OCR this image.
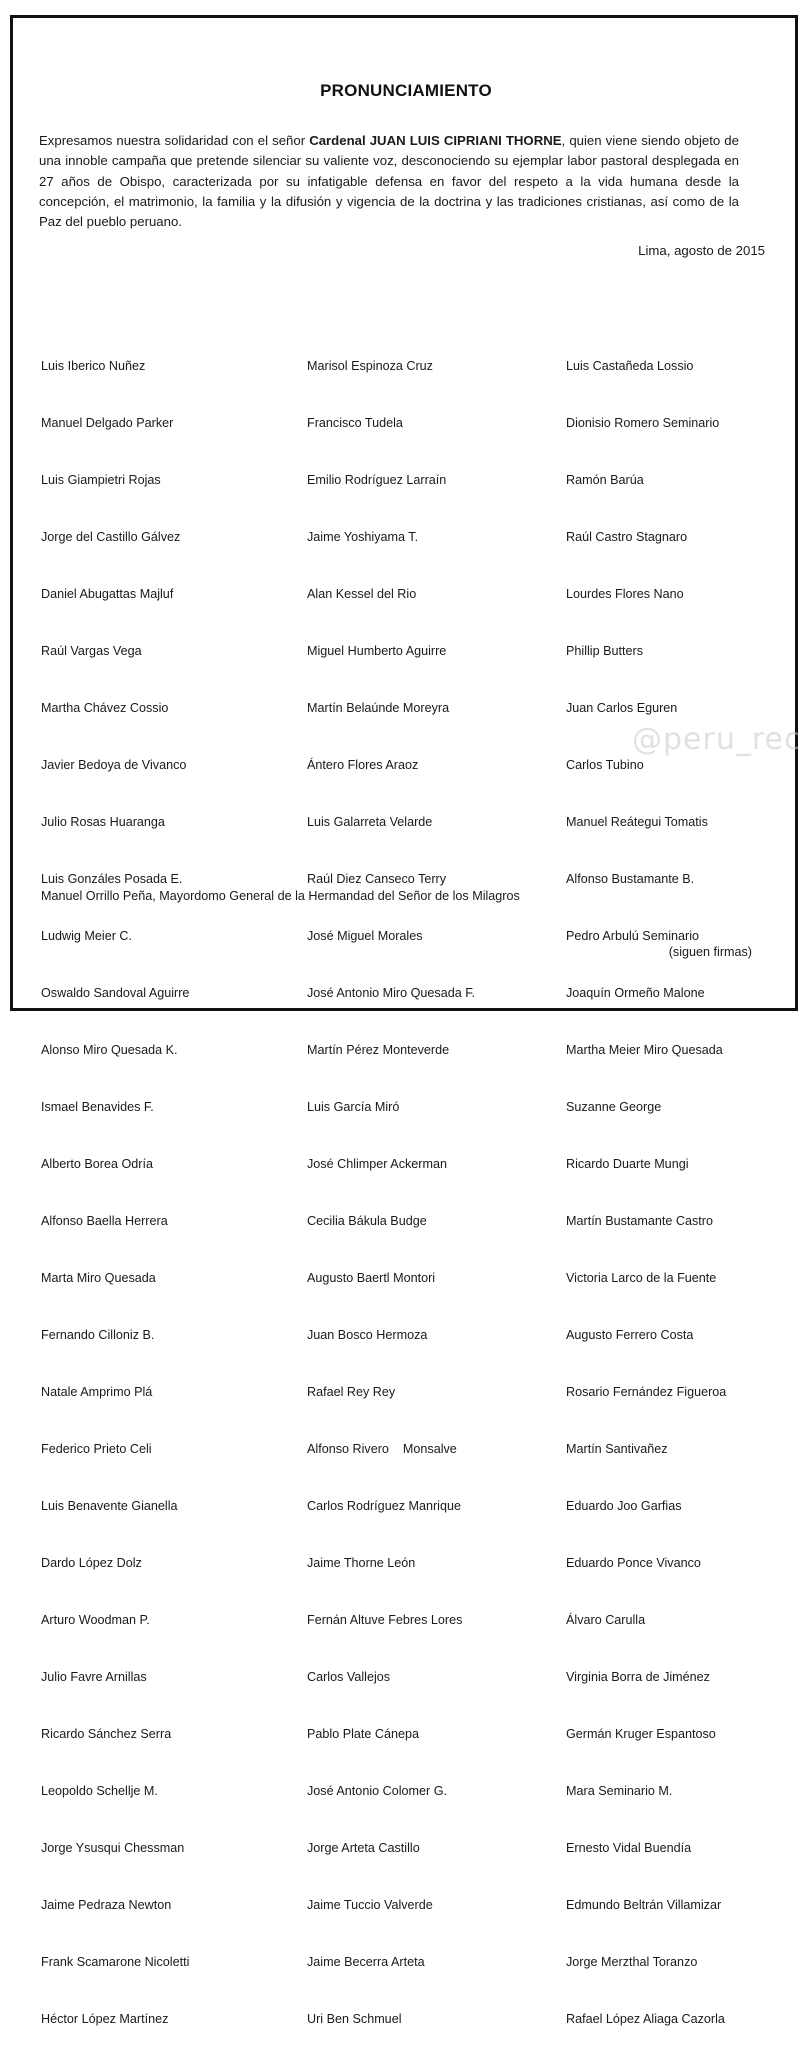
PRONUNCIAMIENTO

Expresamos nuestra solidaridad con el señor Cardenal JUAN LUIS CIPRIANI THORNE, quien viene siendo objeto de una innoble campaña que pretende silenciar su valiente voz, desconociendo su ejemplar labor pastoral desplegada en 27 años de Obispo, caracterizada por su infatigable defensa en favor del respeto a la vida humana desde la concepción, el matrimonio, la familia y la difusión y vigencia de la doctrina y las tradiciones cristianas, así como de la Paz del pueblo peruano.

Lima, agosto de 2015

Luis Iberico Nuñez

Manuel Delgado Parker

Luis Giampietri Rojas

Jorge del Castillo Gálvez

Daniel Abugattas Majluf

Raúl Vargas Vega

Martha Chávez Cossio

Javier Bedoya de Vivanco

Julio Rosas Huaranga

Luis Gonzáles Posada E.

Ludwig Meier C.

Oswaldo Sandoval Aguirre

Alonso Miro Quesada K.

Ismael Benavides F.

Alberto Borea Odría

Alfonso Baella Herrera

Marta Miro Quesada

Fernando Cilloniz B.

Natale Amprimo Plá

Federico Prieto Celi

Luis Benavente Gianella

Dardo López Dolz

Arturo Woodman P.

Julio Favre Arnillas

Ricardo Sánchez Serra

Leopoldo Schellje M.

Jorge Ysusqui Chessman

Jaime Pedraza Newton

Frank Scamarone Nicoletti

Héctor López Martínez

Marisol Espinoza Cruz

Francisco Tudela

Emilio Rodríguez Larraín

Jaime Yoshiyama T.

Alan Kessel del Rio

Miguel Humberto Aguirre

Martín Belaúnde Moreyra

Ántero Flores Araoz

Luis Galarreta Velarde

Raúl Diez Canseco Terry

José Miguel Morales

José Antonio Miro Quesada F.

Martín Pérez Monteverde

Luis García Miró

José Chlimper Ackerman

Cecilia Bákula Budge

Augusto Baertl Montori

Juan Bosco Hermoza

Rafael Rey Rey

Alfonso Rivero    Monsalve

Carlos Rodríguez Manrique

Jaime Thorne León

Fernán Altuve Febres Lores

Carlos Vallejos

Pablo Plate Cánepa

José Antonio Colomer G.

Jorge Arteta Castillo

Jaime Tuccio Valverde

Jaime Becerra Arteta

Uri Ben Schmuel

Luis Castañeda Lossio

Dionisio Romero Seminario

Ramón Barúa

Raúl Castro Stagnaro

Lourdes Flores Nano

Phillip Butters

Juan Carlos Eguren

Carlos Tubino

Manuel Reátegui Tomatis

Alfonso Bustamante B.

Pedro Arbulú Seminario

Joaquín Ormeño Malone

Martha Meier Miro Quesada

Suzanne George

Ricardo Duarte Mungi

Martín Bustamante Castro

Victoria Larco de la Fuente

Augusto Ferrero Costa

Rosario Fernández Figueroa

Martín Santivañez

Eduardo Joo Garfias

Eduardo Ponce Vivanco

Álvaro Carulla

Virginia Borra de Jiménez

Germán Kruger Espantoso

Mara Seminario M.

Ernesto Vidal Buendía

Edmundo Beltrán Villamizar

Jorge Merzthal Toranzo

Rafael López Aliaga Cazorla

Manuel Orrillo Peña, Mayordomo General de la Hermandad del Señor de los Milagros
(siguen firmas)
@peru_rec
